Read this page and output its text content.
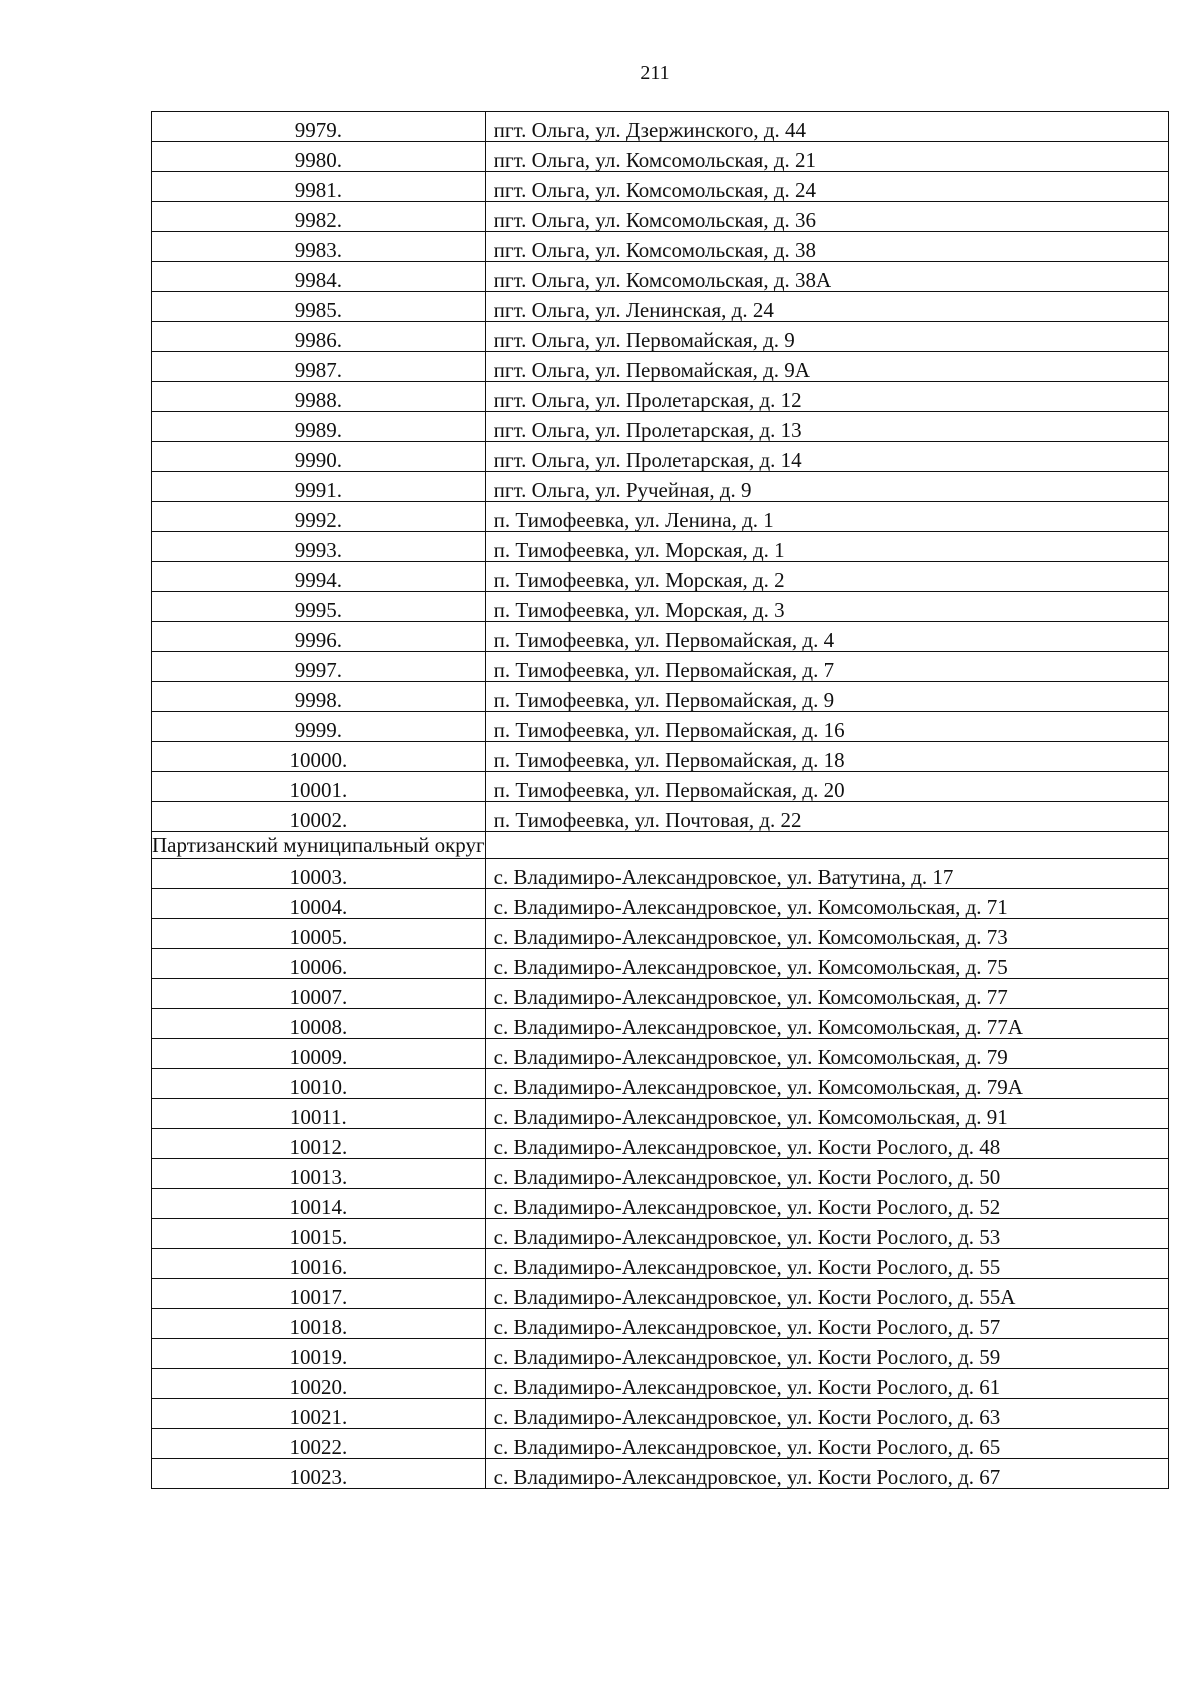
211
9979.	пгт. Ольга, ул. Дзержинского, д. 44
9980.	пгт. Ольга, ул. Комсомольская, д. 21
9981.	пгт. Ольга, ул. Комсомольская, д. 24
9982.	пгт. Ольга, ул. Комсомольская, д. 36
9983.	пгт. Ольга, ул. Комсомольская, д. 38
9984.	пгт. Ольга, ул. Комсомольская, д. 38А
9985.	пгт. Ольга, ул. Ленинская, д. 24
9986.	пгт. Ольга, ул. Первомайская, д. 9
9987.	пгт. Ольга, ул. Первомайская, д. 9А
9988.	пгт. Ольга, ул. Пролетарская, д. 12
9989.	пгт. Ольга, ул. Пролетарская, д. 13
9990.	пгт. Ольга, ул. Пролетарская, д. 14
9991.	пгт. Ольга, ул. Ручейная, д. 9
9992.	п. Тимофеевка, ул. Ленина, д. 1
9993.	п. Тимофеевка, ул. Морская, д. 1
9994.	п. Тимофеевка, ул. Морская, д. 2
9995.	п. Тимофеевка, ул. Морская, д. 3
9996.	п. Тимофеевка, ул. Первомайская, д. 4
9997.	п. Тимофеевка, ул. Первомайская, д. 7
9998.	п. Тимофеевка, ул. Первомайская, д. 9
9999.	п. Тимофеевка, ул. Первомайская, д. 16
10000.	п. Тимофеевка, ул. Первомайская, д. 18
10001.	п. Тимофеевка, ул. Первомайская, д. 20
10002.	п. Тимофеевка, ул. Почтовая, д. 22
Партизанский муниципальный округ	
10003.	с. Владимиро-Александровское, ул. Ватутина, д. 17
10004.	с. Владимиро-Александровское, ул. Комсомольская, д. 71
10005.	с. Владимиро-Александровское, ул. Комсомольская, д. 73
10006.	с. Владимиро-Александровское, ул. Комсомольская, д. 75
10007.	с. Владимиро-Александровское, ул. Комсомольская, д. 77
10008.	с. Владимиро-Александровское, ул. Комсомольская, д. 77А
10009.	с. Владимиро-Александровское, ул. Комсомольская, д. 79
10010.	с. Владимиро-Александровское, ул. Комсомольская, д. 79А
10011.	с. Владимиро-Александровское, ул. Комсомольская, д. 91
10012.	с. Владимиро-Александровское, ул. Кости Рослого, д. 48
10013.	с. Владимиро-Александровское, ул. Кости Рослого, д. 50
10014.	с. Владимиро-Александровское, ул. Кости Рослого, д. 52
10015.	с. Владимиро-Александровское, ул. Кости Рослого, д. 53
10016.	с. Владимиро-Александровское, ул. Кости Рослого, д. 55
10017.	с. Владимиро-Александровское, ул. Кости Рослого, д. 55А
10018.	с. Владимиро-Александровское, ул. Кости Рослого, д. 57
10019.	с. Владимиро-Александровское, ул. Кости Рослого, д. 59
10020.	с. Владимиро-Александровское, ул. Кости Рослого, д. 61
10021.	с. Владимиро-Александровское, ул. Кости Рослого, д. 63
10022.	с. Владимиро-Александровское, ул. Кости Рослого, д. 65
10023.	с. Владимиро-Александровское, ул. Кости Рослого, д. 67
